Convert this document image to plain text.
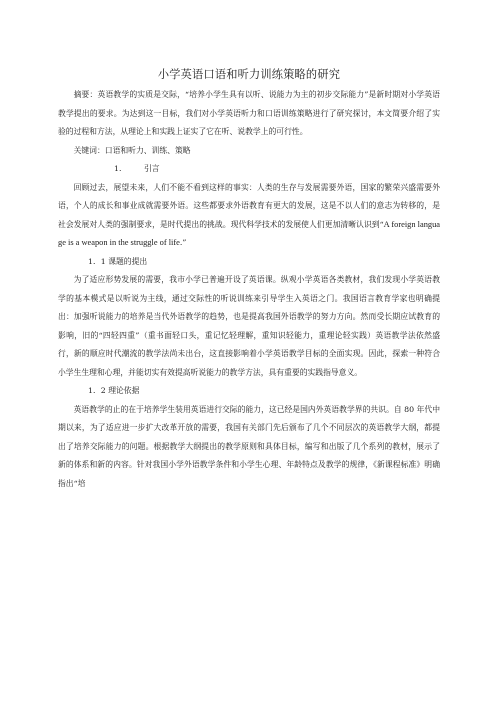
小学英语口语和听力训练策略的研究

摘要：英语教学的实质是交际，“培养小学生具有以听、说能力为主的初步交际能力”是新时期对小学英语教学提出的要求。为达到这一目标，我们对小学英语听力和口语训练策略进行了研究探讨，本文简要介绍了实验的过程和方法，从理论上和实践上证实了它在听、说教学上的可行性。

关键词：口语和听力、训练、策略

1.	引言

回顾过去，展望未来，人们不能不看到这样的事实：人类的生存与发展需要外语，国家的繁荣兴盛需要外语，个人的成长和事业成就需要外语。这些都要求外语教育有更大的发展，这是不以人们的意志为转移的，是社会发展对人类的强制要求，是时代提出的挑战。现代科学技术的发展使人们更加清晰认识到“A foreign language is a weapon in the struggle of life.”

1．1 课题的提出

为了适应形势发展的需要，我市小学已普遍开设了英语课。纵观小学英语各类教材，我们发现小学英语教学的基本模式是以听说为主线，通过交际性的听说训练来引导学生入英语之门。我国语言教育学家也明确提出：加强听说能力的培养是当代外语教学的趋势，也是提高我国外语教学的努力方向。然而受长期应试教育的影响，旧的“四轻四重”（重书面轻口头，重记忆轻理解，重知识轻能力，重理论轻实践）英语教学法依然盛行，新的顺应时代潮流的教学法尚未出台，这直接影响着小学英语教学目标的全面实现。因此，探索一种符合小学生生理和心理，并能切实有效提高听说能力的教学方法，具有重要的实践指导意义。

1．2 理论依据

英语教学的止的在于培养学生装用英语进行交际的能力，这已经是国内外英语教学界的共识。自 80 年代中期以来，为了适应进一步扩大改革开放的需要，我国有关部门先后颁布了几个不同层次的英语教学大纲，都提出了培养交际能力的问题。根据教学大纲提出的教学原则和具体目标，编写和出版了几个系列的教材，展示了新的体系和新的内容。针对我国小学外语教学条件和小学生心理、年龄特点及教学的规律，《新课程标准》明确指出“培
